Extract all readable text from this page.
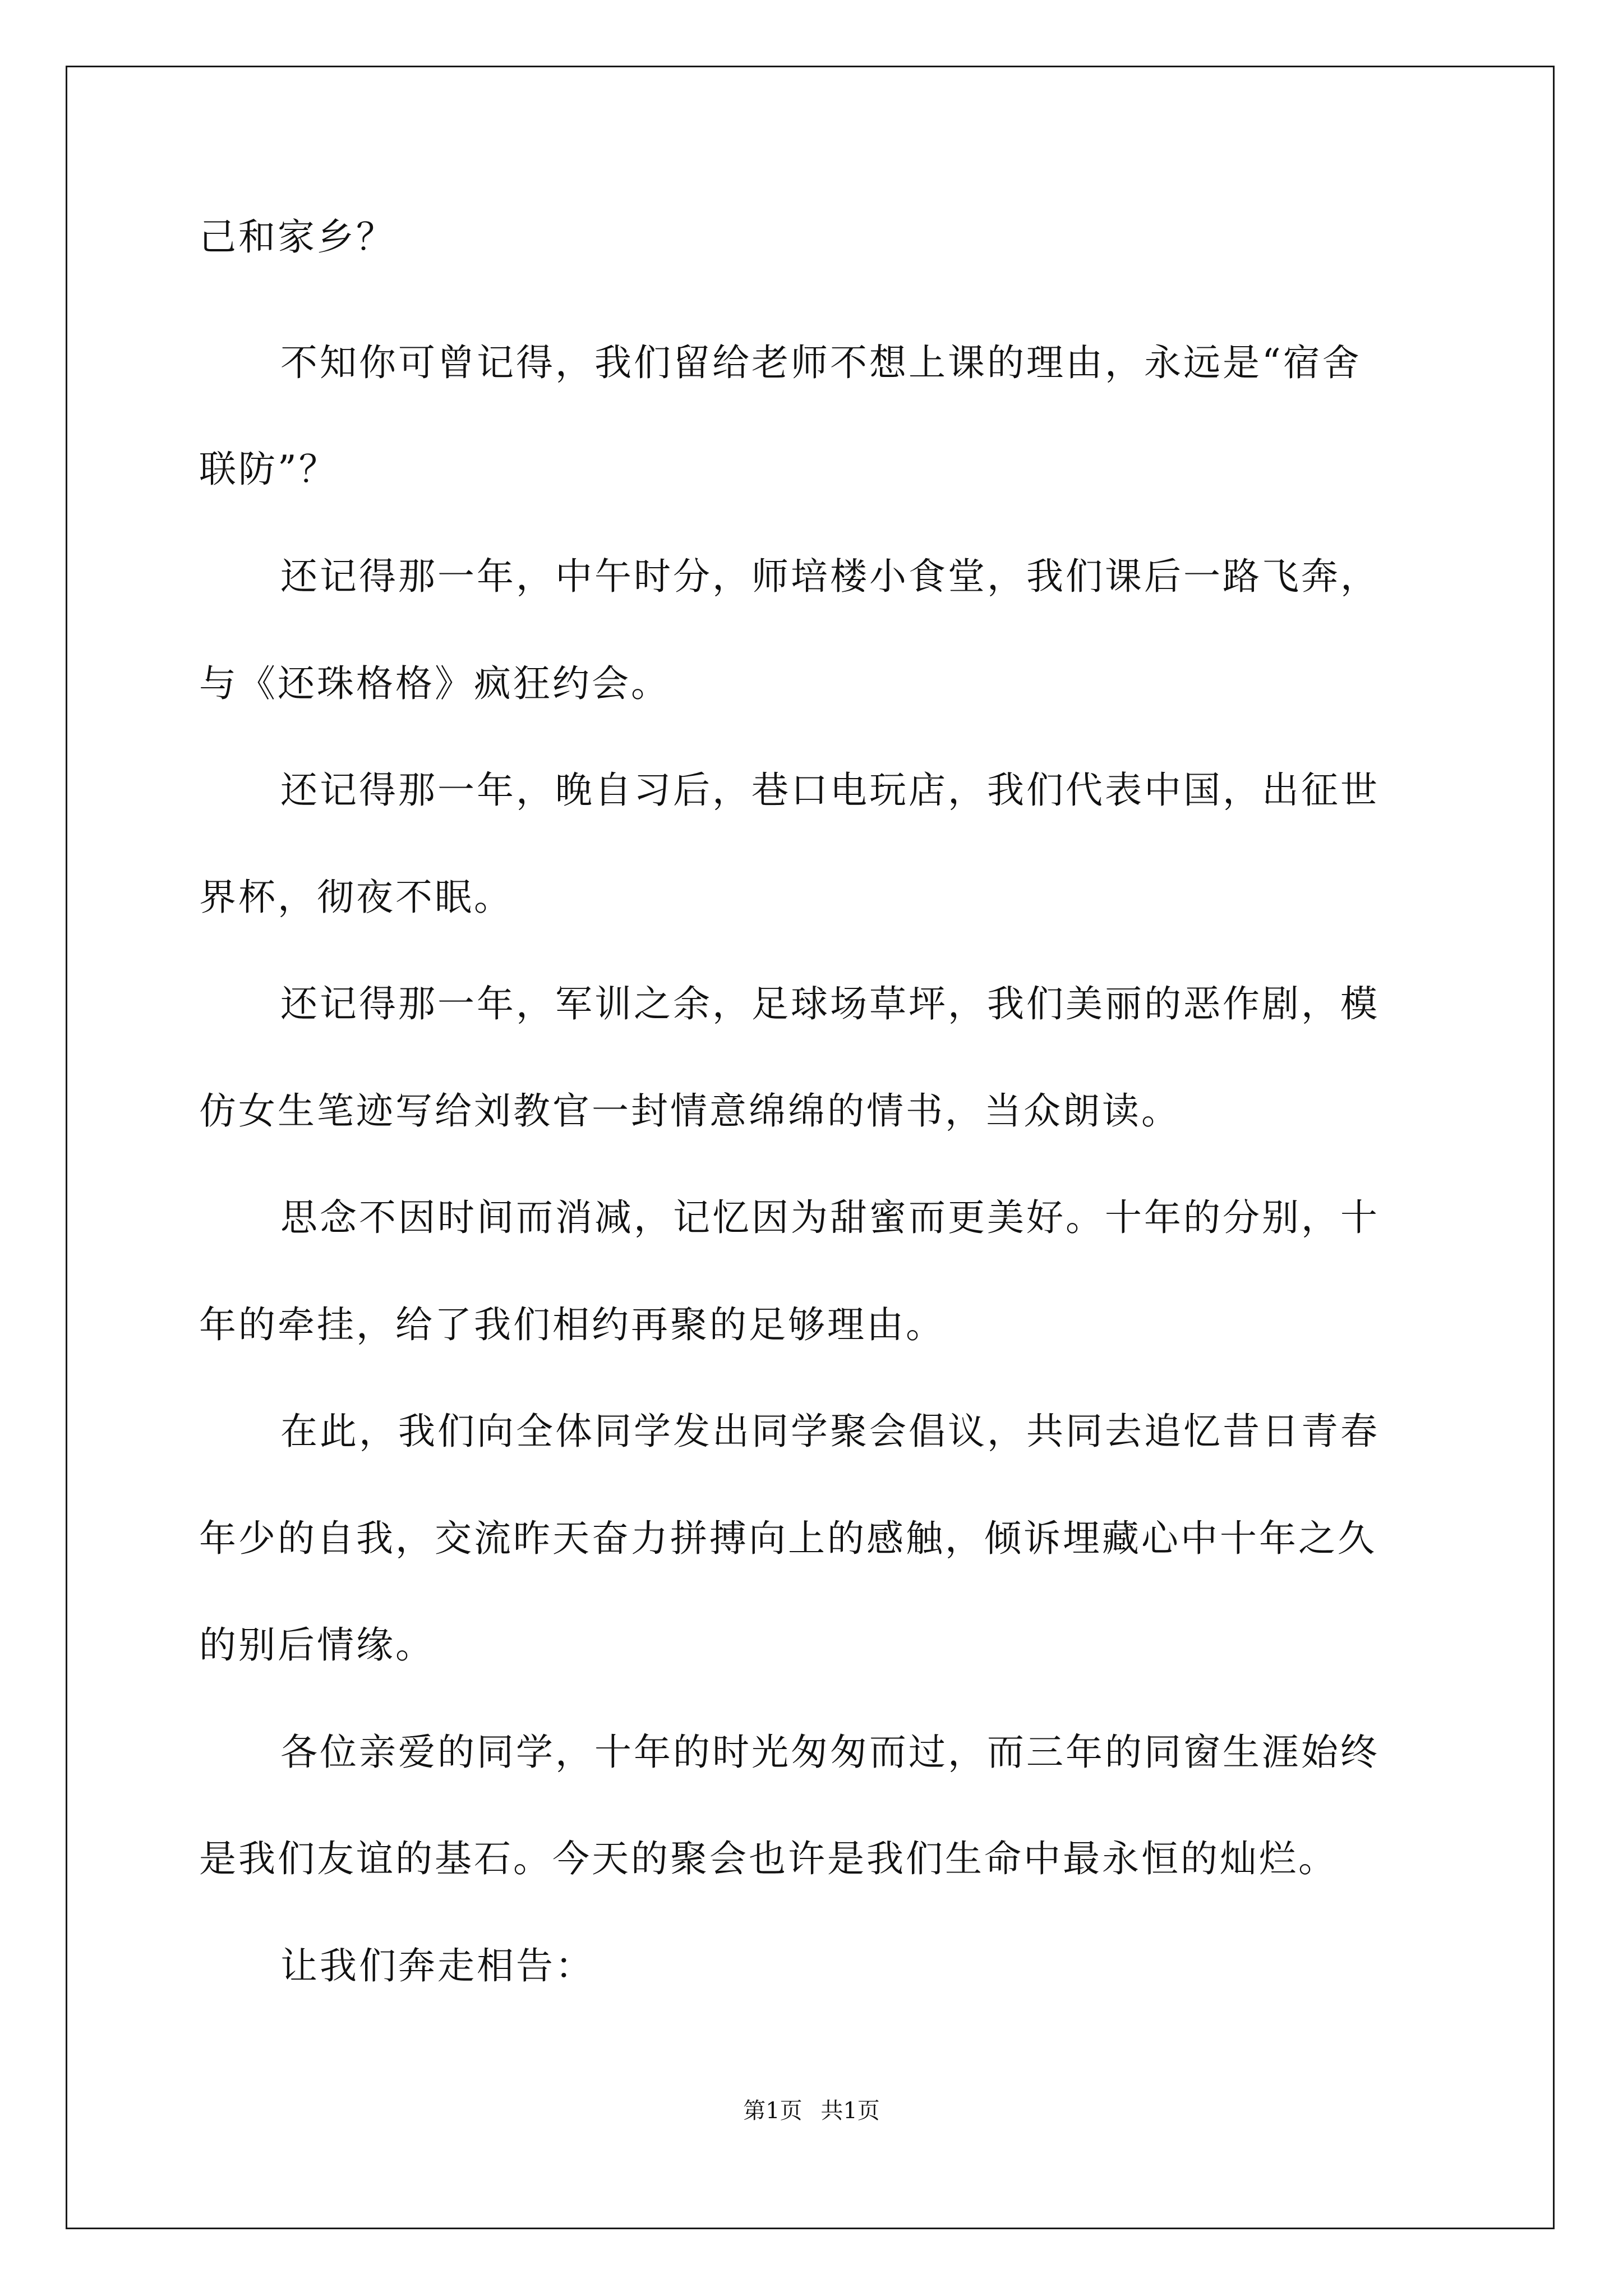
己和家乡？
不知你可曾记得，我们留给老师不想上课的理由，永远是“宿舍
联防”？
还记得那一年，中午时分，师培楼小食堂，我们课后一路飞奔，
与《还珠格格》疯狂约会。
还记得那一年，晚自习后，巷口电玩店，我们代表中国，出征世
界杯，彻夜不眠。
还记得那一年，军训之余，足球场草坪，我们美丽的恶作剧，模
仿女生笔迹写给刘教官一封情意绵绵的情书，当众朗读。
思念不因时间而消减，记忆因为甜蜜而更美好。十年的分别，十
年的牵挂，给了我们相约再聚的足够理由。
在此，我们向全体同学发出同学聚会倡议，共同去追忆昔日青春
年少的自我，交流昨天奋力拼搏向上的感触，倾诉埋藏心中十年之久
的别后情缘。
各位亲爱的同学，十年的时光匆匆而过，而三年的同窗生涯始终
是我们友谊的基石。今天的聚会也许是我们生命中最永恒的灿烂。
让我们奔走相告：
第1页 共1页
